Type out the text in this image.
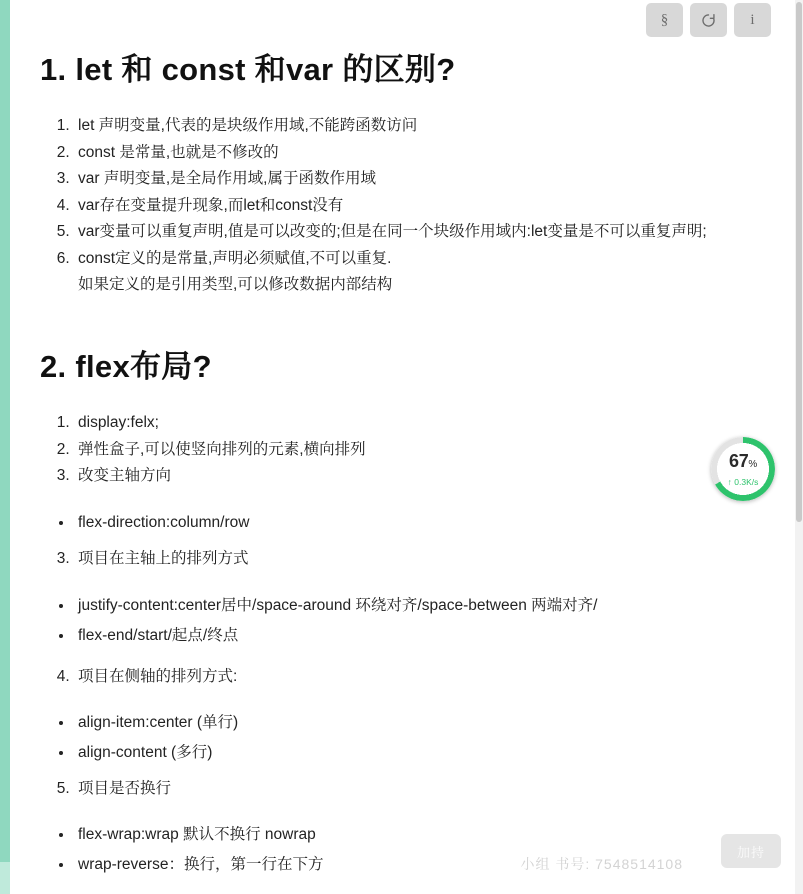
§	i
1. let 和 const 和var 的区别?
1. let 声明变量,代表的是块级作用域,不能跨函数访问
2. const 是常量,也就是不修改的
3. var 声明变量,是全局作用域,属于函数作用域
4. var存在变量提升现象,而let和const没有
5. var变量可以重复声明,值是可以改变的;但是在同一个块级作用域内:let变量是不可以重复声明;
6. const定义的是常量,声明必须赋值,不可以重复.
如果定义的是引用类型,可以修改数据内部结构
2. flex布局?
1. display:felx;
2. 弹性盒子,可以使竖向排列的元素,横向排列
3. 改变主轴方向
• flex-direction:column/row
3. 项目在主轴上的排列方式
• justify-content:center居中/space-around 环绕对齐/space-between 两端对齐/
• flex-end/start/起点/终点
4. 项目在侧轴的排列方式:
• align-item:center (单行)
• align-content (多行)
5. 项目是否换行
• flex-wrap:wrap 默认不换行 nowrap
• wrap-reverse：换行，第一行在下方
67%
↑ 0.3K/s
小组 书号: 7548514108
加持
